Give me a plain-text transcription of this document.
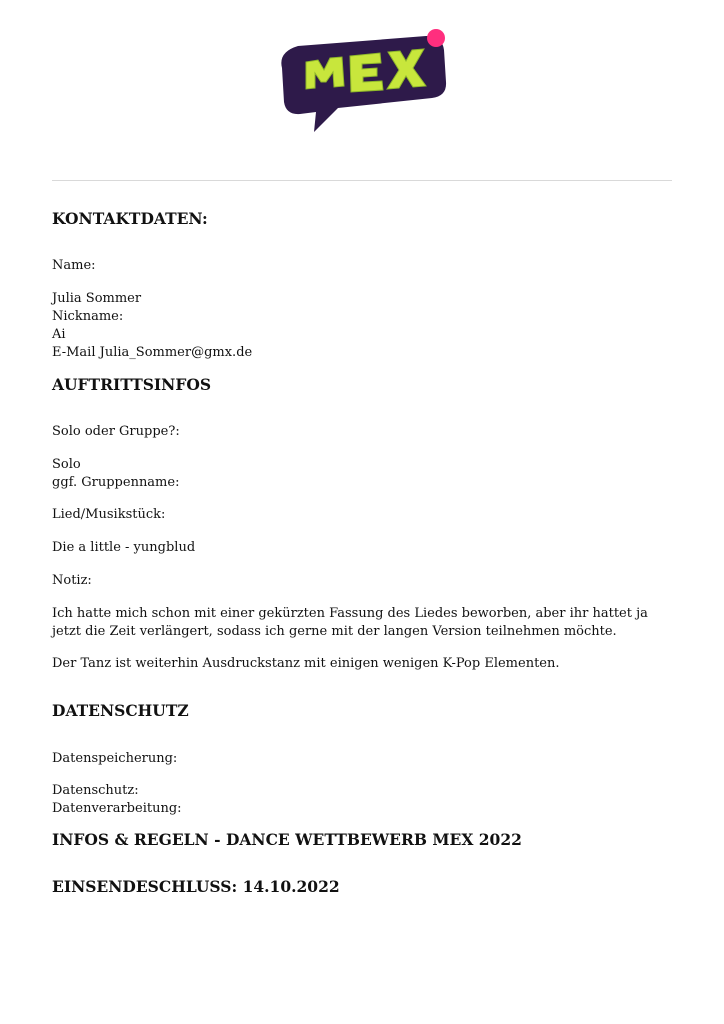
KONTAKTDATEN:
Name:
Julia Sommer
Nickname:
Ai
E-Mail Julia_Sommer@gmx.de
AUFTRITTSINFOS
Solo oder Gruppe?:
Solo
ggf. Gruppenname:
Lied/Musikstück:
Die a little - yungblud
Notiz:
Ich hatte mich schon mit einer gekürzten Fassung des Liedes beworben, aber ihr hattet ja jetzt die Zeit verlängert, sodass ich gerne mit der langen Version teilnehmen möchte.
Der Tanz ist weiterhin Ausdruckstanz mit einigen wenigen K-Pop Elementen.
DATENSCHUTZ
Datenspeicherung:
Datenschutz:
Datenverarbeitung:
INFOS & REGELN - DANCE WETTBEWERB MEX 2022
EINSENDESCHLUSS: 14.10.2022
